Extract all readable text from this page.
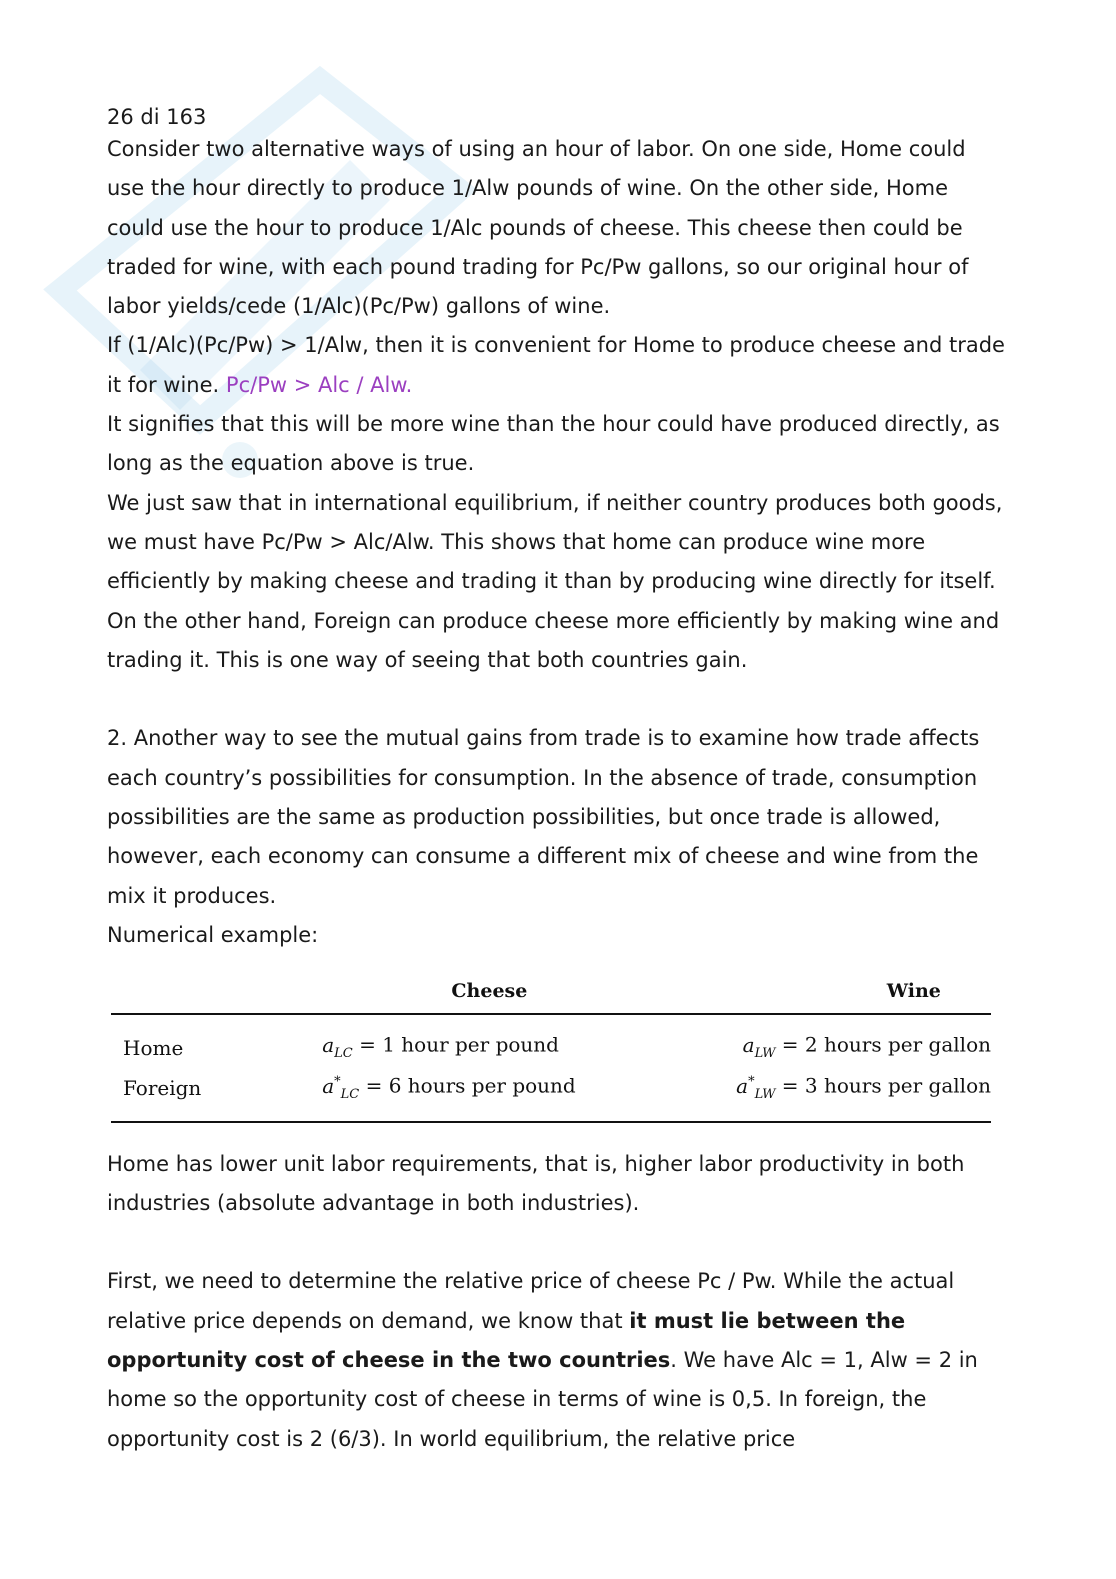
26 di 163

Consider two alternative ways of using an hour of labor. On one side, Home could use the hour directly to produce 1/Alw pounds of wine. On the other side, Home could use the hour to produce 1/Alc pounds of cheese. This cheese then could be traded for wine, with each pound trading for Pc/Pw gallons, so our original hour of labor yields/cede (1/Alc)(Pc/Pw) gallons of wine.

If (1/Alc)(Pc/Pw) > 1/Alw, then it is convenient for Home to produce cheese and trade it for wine. Pc/Pw > Alc / Alw.

It signifies that this will be more wine than the hour could have produced directly, as long as the equation above is true.

We just saw that in international equilibrium, if neither country produces both goods, we must have Pc/Pw > Alc/Alw. This shows that home can produce wine more efficiently by making cheese and trading it than by producing wine directly for itself.

On the other hand, Foreign can produce cheese more efficiently by making wine and trading it. This is one way of seeing that both countries gain.

2. Another way to see the mutual gains from trade is to examine how trade affects each country’s possibilities for consumption. In the absence of trade, consumption possibilities are the same as production possibilities, but once trade is allowed, however, each economy can consume a different mix of cheese and wine from the mix it produces.

Numerical example:

	Cheese	Wine
Home	$a_{LC} = 1$ hour per pound	$a_{LW} = 2$ hours per gallon
Foreign	$a^*_{LC} = 6$ hours per pound	$a^*_{LW} = 3$ hours per gallon

Home has lower unit labor requirements, that is, higher labor productivity in both industries (absolute advantage in both industries).

First, we need to determine the relative price of cheese Pc / Pw. While the actual relative price depends on demand, we know that it must lie between the opportunity cost of cheese in the two countries. We have Alc = 1, Alw = 2 in home so the opportunity cost of cheese in terms of wine is 0,5. In foreign, the opportunity cost is 2 (6/3). In world equilibrium, the relative price
